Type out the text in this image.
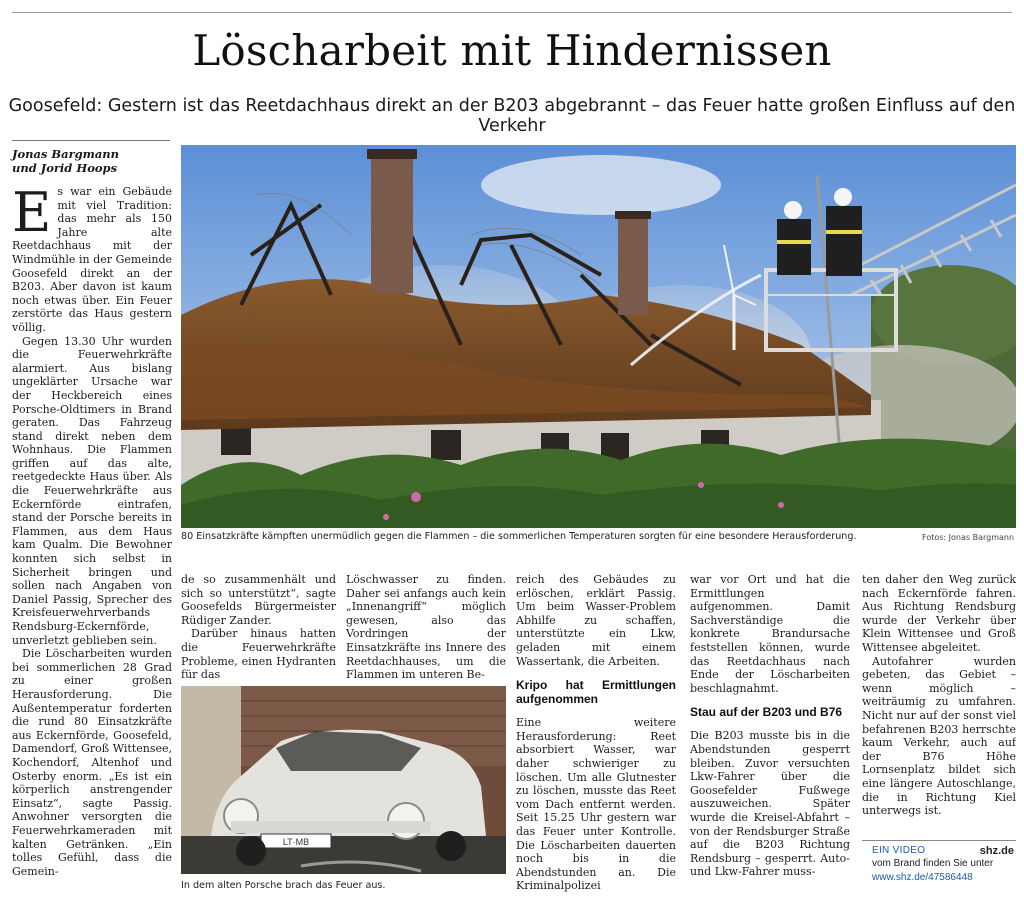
Löscharbeit mit Hindernissen
Goosefeld: Gestern ist das Reetdachhaus direkt an der B203 abgebrannt – das Feuer hatte großen Einfluss auf den Verkehr
Jonas Bargmann
und Jorid Hoops
E s war ein Gebäude mit viel Tradition: das mehr als 150 Jahre alte Reetdachhaus mit der Windmühle in der Gemeinde Goosefeld direkt an der B203. Aber davon ist kaum noch etwas über. Ein Feuer zerstörte das Haus gestern völlig.

Gegen 13.30 Uhr wurden die Feuerwehrkräfte alarmiert. Aus bislang ungeklärter Ursache war der Heckbereich eines Porsche-Oldtimers in Brand geraten. Das Fahrzeug stand direkt neben dem Wohnhaus. Die Flammen griffen auf das alte, reetgedeckte Haus über. Als die Feuerwehrkräfte aus Eckernförde eintrafen, stand der Porsche bereits in Flammen, aus dem Haus kam Qualm. Die Bewohner konnten sich selbst in Sicherheit bringen und sollen nach Angaben von Daniel Passig, Sprecher des Kreisfeuerwehrverbands Rendsburg-Eckernförde, unverletzt geblieben sein.

Die Löscharbeiten wurden bei sommerlichen 28 Grad zu einer großen Herausforderung. Die Außentemperatur forderten die rund 80 Einsatzkräfte aus Eckernförde, Goosefeld, Damendorf, Groß Wittensee, Kochendorf, Altenhof und Osterby enorm. „Es ist ein körperlich anstrengender Einsatz“, sagte Passig. Anwohner versorgten die Feuerwehrkameraden mit kalten Getränken. „Ein tolles Gefühl, dass die Gemein-

80 Einsatzkräfte kämpften unermüdlich gegen die Flammen – die sommerlichen Temperaturen sorgten für eine besondere Herausforderung.	Fotos: Jonas Bargmann

de so zusammenhält und sich so unterstützt“, sagte Goosefelds Bürgermeister Rüdiger Zander.

Darüber hinaus hatten die Feuerwehrkräfte Probleme, einen Hydranten für das

Löschwasser zu finden. Daher sei anfangs auch kein „Innenangriff“ möglich gewesen, also das Vordringen der Einsatzkräfte ins Innere des Reetdachhauses, um die Flammen im unteren Be-

LT·MB
In dem alten Porsche brach das Feuer aus.

reich des Gebäudes zu erlöschen, erklärt Passig. Um beim Wasser-Problem Abhilfe zu schaffen, unterstützte ein Lkw, geladen mit einem Wassertank, die Arbeiten.

Kripo hat Ermittlungen aufgenommen

Eine weitere Herausforderung: Reet absorbiert Wasser, war daher schwieriger zu löschen. Um alle Glutnester zu löschen, musste das Reet vom Dach entfernt werden. Seit 15.25 Uhr gestern war das Feuer unter Kontrolle. Die Löscharbeiten dauerten noch bis in die Abendstunden an. Die Kriminalpolizei

war vor Ort und hat die Ermittlungen aufgenommen. Damit Sachverständige die konkrete Brandursache feststellen können, wurde das Reetdachhaus nach Ende der Löscharbeiten beschlagnahmt.

Stau auf der B203 und B76

Die B203 musste bis in die Abendstunden gesperrt bleiben. Zuvor versuchten Lkw-Fahrer über die Goosefelder Fußwege auszuweichen. Später wurde die Kreisel-Abfahrt – von der Rendsburger Straße auf die B203 Richtung Rendsburg – gesperrt. Auto- und Lkw-Fahrer muss-

ten daher den Weg zurück nach Eckernförde fahren. Aus Richtung Rendsburg wurde der Verkehr über Klein Wittensee und Groß Wittensee abgeleitet.

Autofahrer wurden gebeten, das Gebiet – wenn möglich – weiträumig zu umfahren. Nicht nur auf der sonst viel befahrenen B203 herrschte kaum Verkehr, auch auf der B76 Höhe Lornsenplatz bildet sich eine längere Autoschlange, die in Richtung Kiel unterwegs ist.

EIN VIDEO	shz.de
vom Brand finden Sie unter
www.shz.de/47586448
